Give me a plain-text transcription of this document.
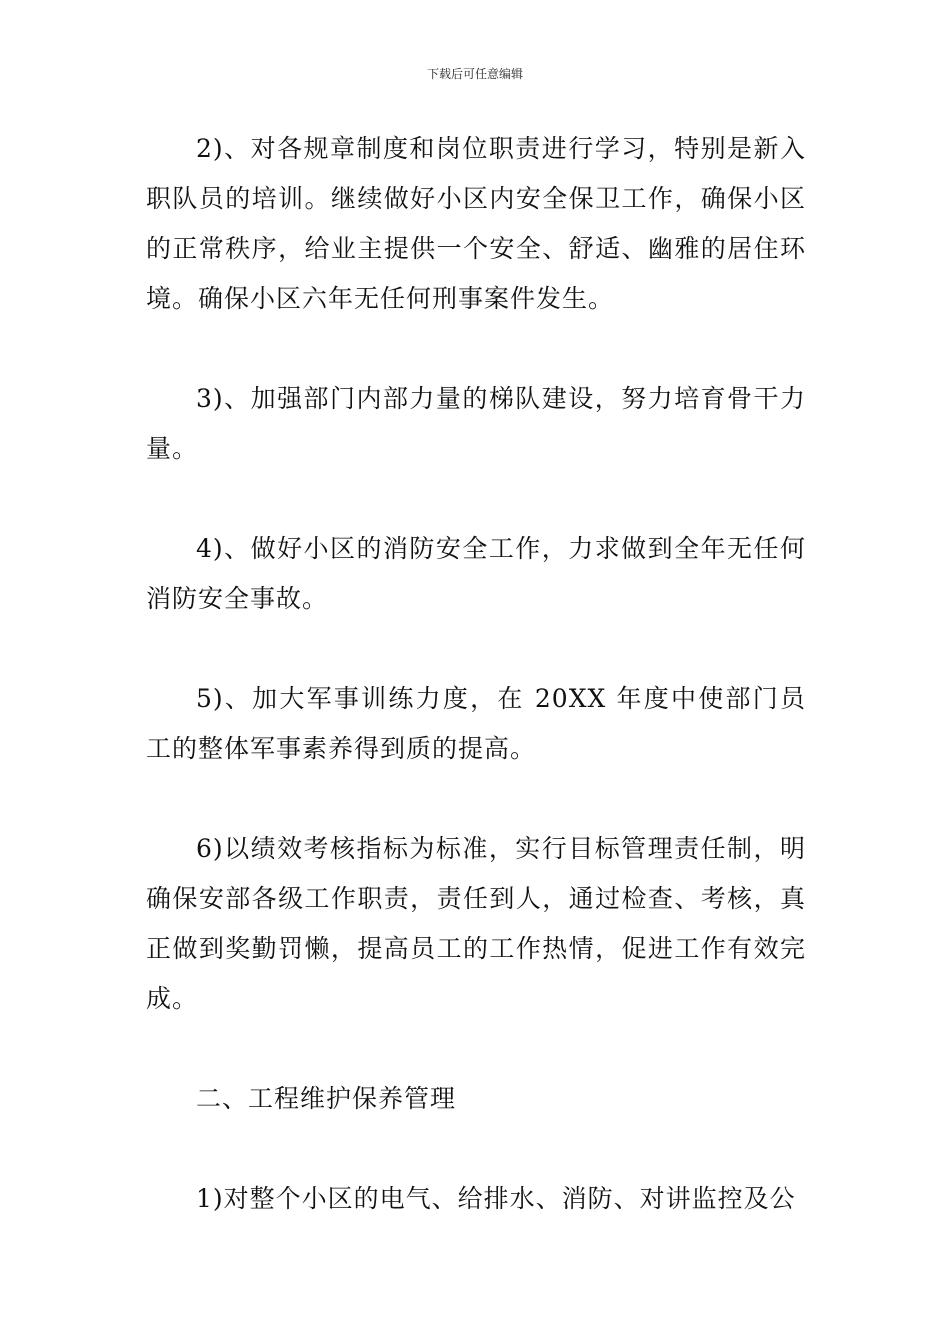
下载后可任意编辑

2)、对各规章制度和岗位职责进行学习，特别是新入职队员的培训。继续做好小区内安全保卫工作，确保小区的正常秩序，给业主提供一个安全、舒适、幽雅的居住环境。确保小区六年无任何刑事案件发生。

3)、加强部门内部力量的梯队建设，努力培育骨干力量。

4)、做好小区的消防安全工作，力求做到全年无任何消防安全事故。

5)、加大军事训练力度，在 20XX 年度中使部门员工的整体军事素养得到质的提高。

6)以绩效考核指标为标准，实行目标管理责任制，明确保安部各级工作职责，责任到人，通过检查、考核，真正做到奖勤罚懒，提高员工的工作热情，促进工作有效完成。

二、工程维护保养管理

1)对整个小区的电气、给排水、消防、对讲监控及公
